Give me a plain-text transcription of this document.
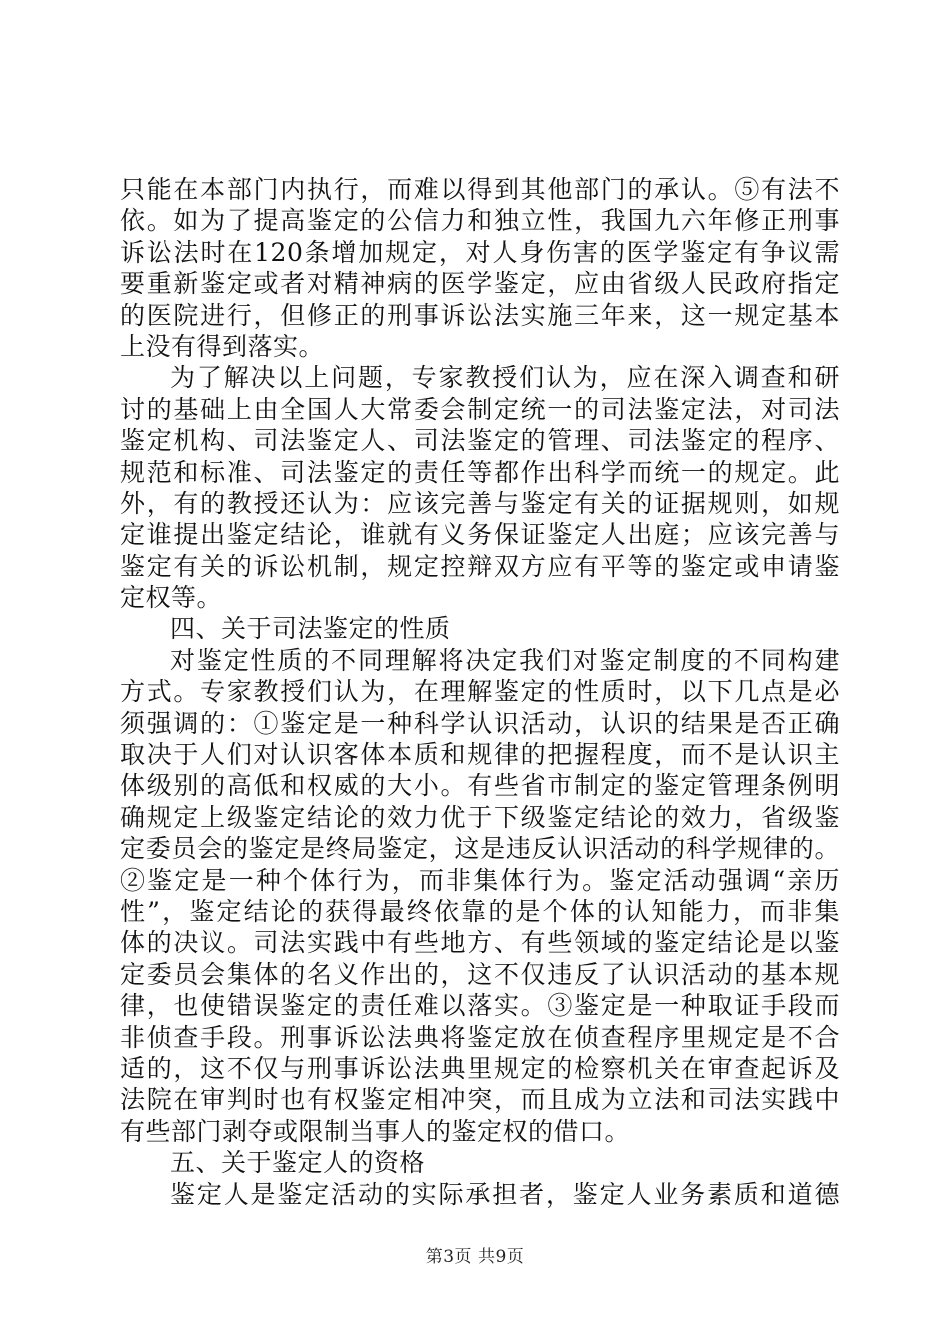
只能在本部门内执行，而难以得到其他部门的承认。⑤有法不
依。如为了提高鉴定的公信力和独立性，我国九六年修正刑事
诉讼法时在120条增加规定，对人身伤害的医学鉴定有争议需
要重新鉴定或者对精神病的医学鉴定，应由省级人民政府指定
的医院进行，但修正的刑事诉讼法实施三年来，这一规定基本
上没有得到落实。
为了解决以上问题，专家教授们认为，应在深入调查和研
讨的基础上由全国人大常委会制定统一的司法鉴定法，对司法
鉴定机构、司法鉴定人、司法鉴定的管理、司法鉴定的程序、
规范和标准、司法鉴定的责任等都作出科学而统一的规定。此
外，有的教授还认为：应该完善与鉴定有关的证据规则，如规
定谁提出鉴定结论，谁就有义务保证鉴定人出庭；应该完善与
鉴定有关的诉讼机制，规定控辩双方应有平等的鉴定或申请鉴
定权等。
四、关于司法鉴定的性质
对鉴定性质的不同理解将决定我们对鉴定制度的不同构建
方式。专家教授们认为，在理解鉴定的性质时，以下几点是必
须强调的：①鉴定是一种科学认识活动，认识的结果是否正确
取决于人们对认识客体本质和规律的把握程度，而不是认识主
体级别的高低和权威的大小。有些省市制定的鉴定管理条例明
确规定上级鉴定结论的效力优于下级鉴定结论的效力，省级鉴
定委员会的鉴定是终局鉴定，这是违反认识活动的科学规律的。
②鉴定是一种个体行为，而非集体行为。鉴定活动强调“亲历
性”，鉴定结论的获得最终依靠的是个体的认知能力，而非集
体的决议。司法实践中有些地方、有些领域的鉴定结论是以鉴
定委员会集体的名义作出的，这不仅违反了认识活动的基本规
律，也使错误鉴定的责任难以落实。③鉴定是一种取证手段而
非侦查手段。刑事诉讼法典将鉴定放在侦查程序里规定是不合
适的，这不仅与刑事诉讼法典里规定的检察机关在审查起诉及
法院在审判时也有权鉴定相冲突，而且成为立法和司法实践中
有些部门剥夺或限制当事人的鉴定权的借口。
五、关于鉴定人的资格
鉴定人是鉴定活动的实际承担者，鉴定人业务素质和道德
第3页 共9页
